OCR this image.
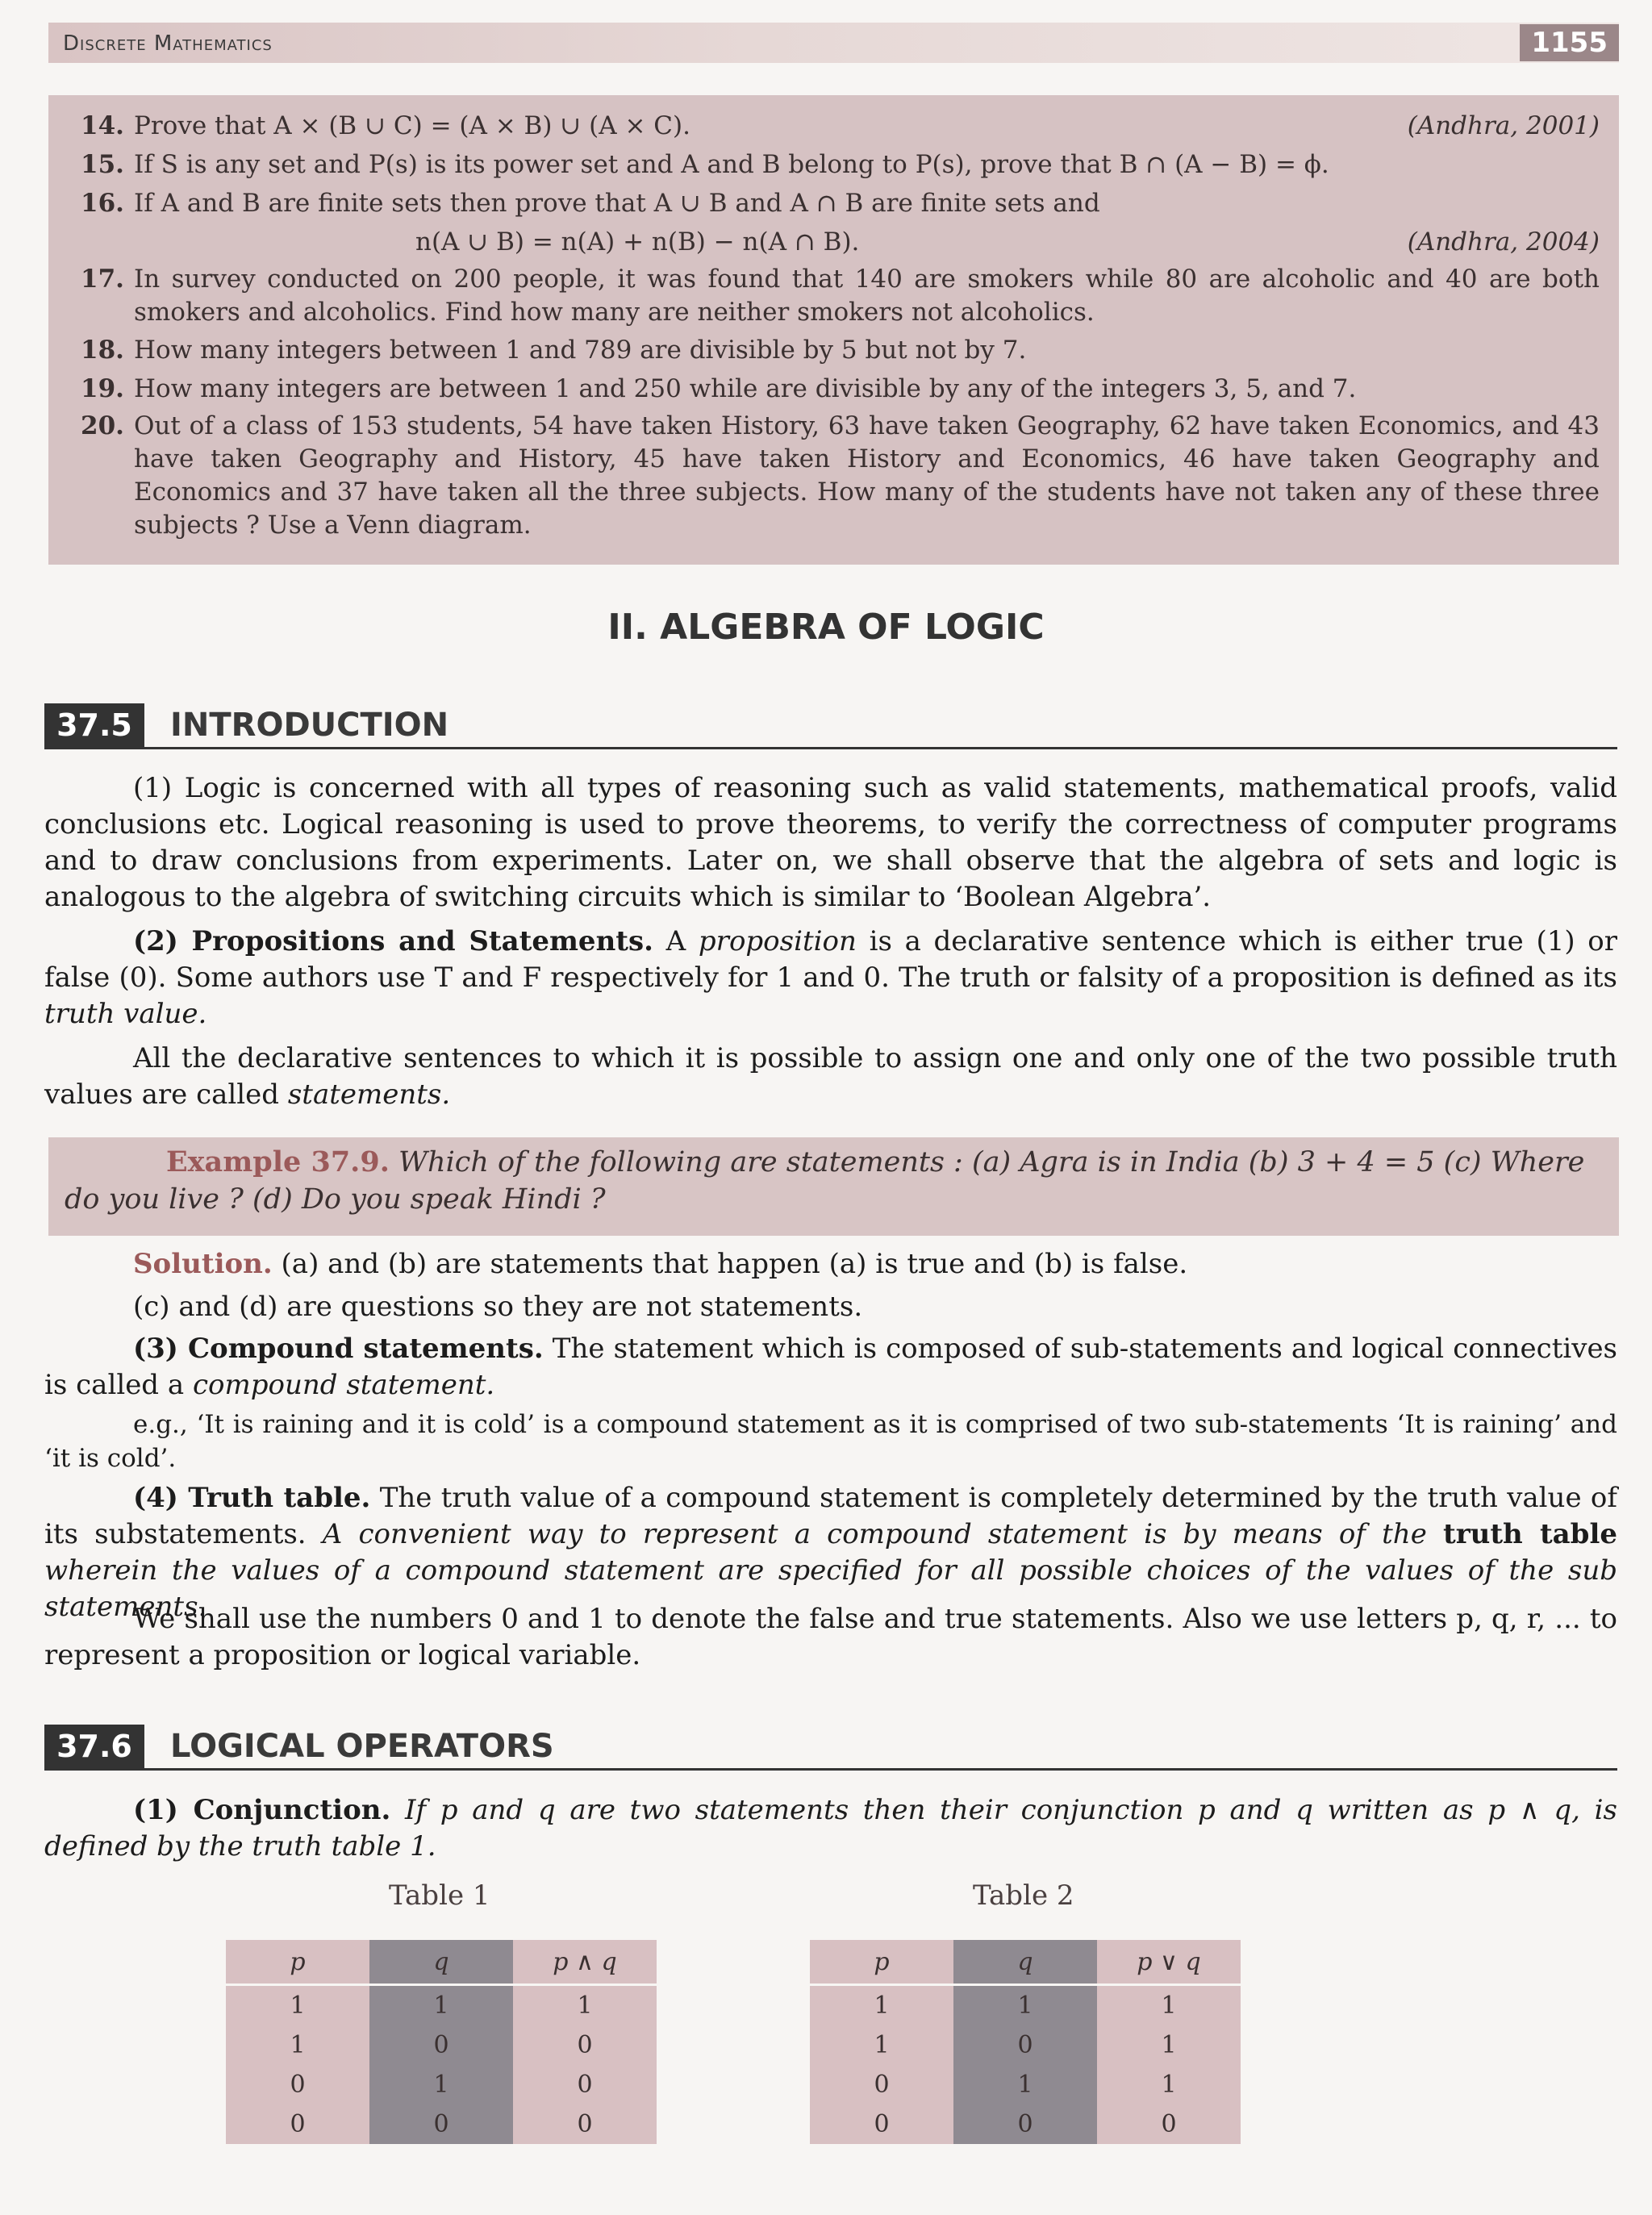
Discrete Mathematics	1155
14. Prove that A × (B ∪ C) = (A × B) ∪ (A × C).	(Andhra, 2001)
15. If S is any set and P(s) is its power set and A and B belong to P(s), prove that B ∩ (A − B) = ϕ.
16. If A and B are finite sets then prove that A ∪ B and A ∩ B are finite sets and
n(A ∪ B) = n(A) + n(B) − n(A ∩ B).	(Andhra, 2004)
17. In survey conducted on 200 people, it was found that 140 are smokers while 80 are alcoholic and 40 are both smokers and alcoholics. Find how many are neither smokers not alcoholics.
18. How many integers between 1 and 789 are divisible by 5 but not by 7.
19. How many integers are between 1 and 250 while are divisible by any of the integers 3, 5, and 7.
20. Out of a class of 153 students, 54 have taken History, 63 have taken Geography, 62 have taken Economics, and 43 have taken Geography and History, 45 have taken History and Economics, 46 have taken Geography and Economics and 37 have taken all the three subjects. How many of the students have not taken any of these three subjects ? Use a Venn diagram.
II. ALGEBRA OF LOGIC
37.5	INTRODUCTION
(1) Logic is concerned with all types of reasoning such as valid statements, mathematical proofs, valid conclusions etc. Logical reasoning is used to prove theorems, to verify the correctness of computer programs and to draw conclusions from experiments. Later on, we shall observe that the algebra of sets and logic is analogous to the algebra of switching circuits which is similar to ‘Boolean Algebra’.
(2) Propositions and Statements. A proposition is a declarative sentence which is either true (1) or false (0). Some authors use T and F respectively for 1 and 0. The truth or falsity of a proposition is defined as its truth value.
All the declarative sentences to which it is possible to assign one and only one of the two possible truth values are called statements.
Example 37.9. Which of the following are statements : (a) Agra is in India (b) 3 + 4 = 5 (c) Where do you live ? (d) Do you speak Hindi ?
Solution. (a) and (b) are statements that happen (a) is true and (b) is false.
(c) and (d) are questions so they are not statements.
(3) Compound statements. The statement which is composed of sub-statements and logical connectives is called a compound statement.
e.g., ‘It is raining and it is cold’ is a compound statement as it is comprised of two sub-statements ‘It is raining’ and ‘it is cold’.
(4) Truth table. The truth value of a compound statement is completely determined by the truth value of its substatements. A convenient way to represent a compound statement is by means of the truth table wherein the values of a compound statement are specified for all possible choices of the values of the sub statements.
We shall use the numbers 0 and 1 to denote the false and true statements. Also we use letters p, q, r, ... to represent a proposition or logical variable.
37.6	LOGICAL OPERATORS
(1) Conjunction. If p and q are two statements then their conjunction p and q written as p ∧ q, is defined by the truth table 1.
Table 1	Table 2
p	q	p ∧ q
1	1	1
1	0	0
0	1	0
0	0	0
p	q	p ∨ q
1	1	1
1	0	1
0	1	1
0	0	0
